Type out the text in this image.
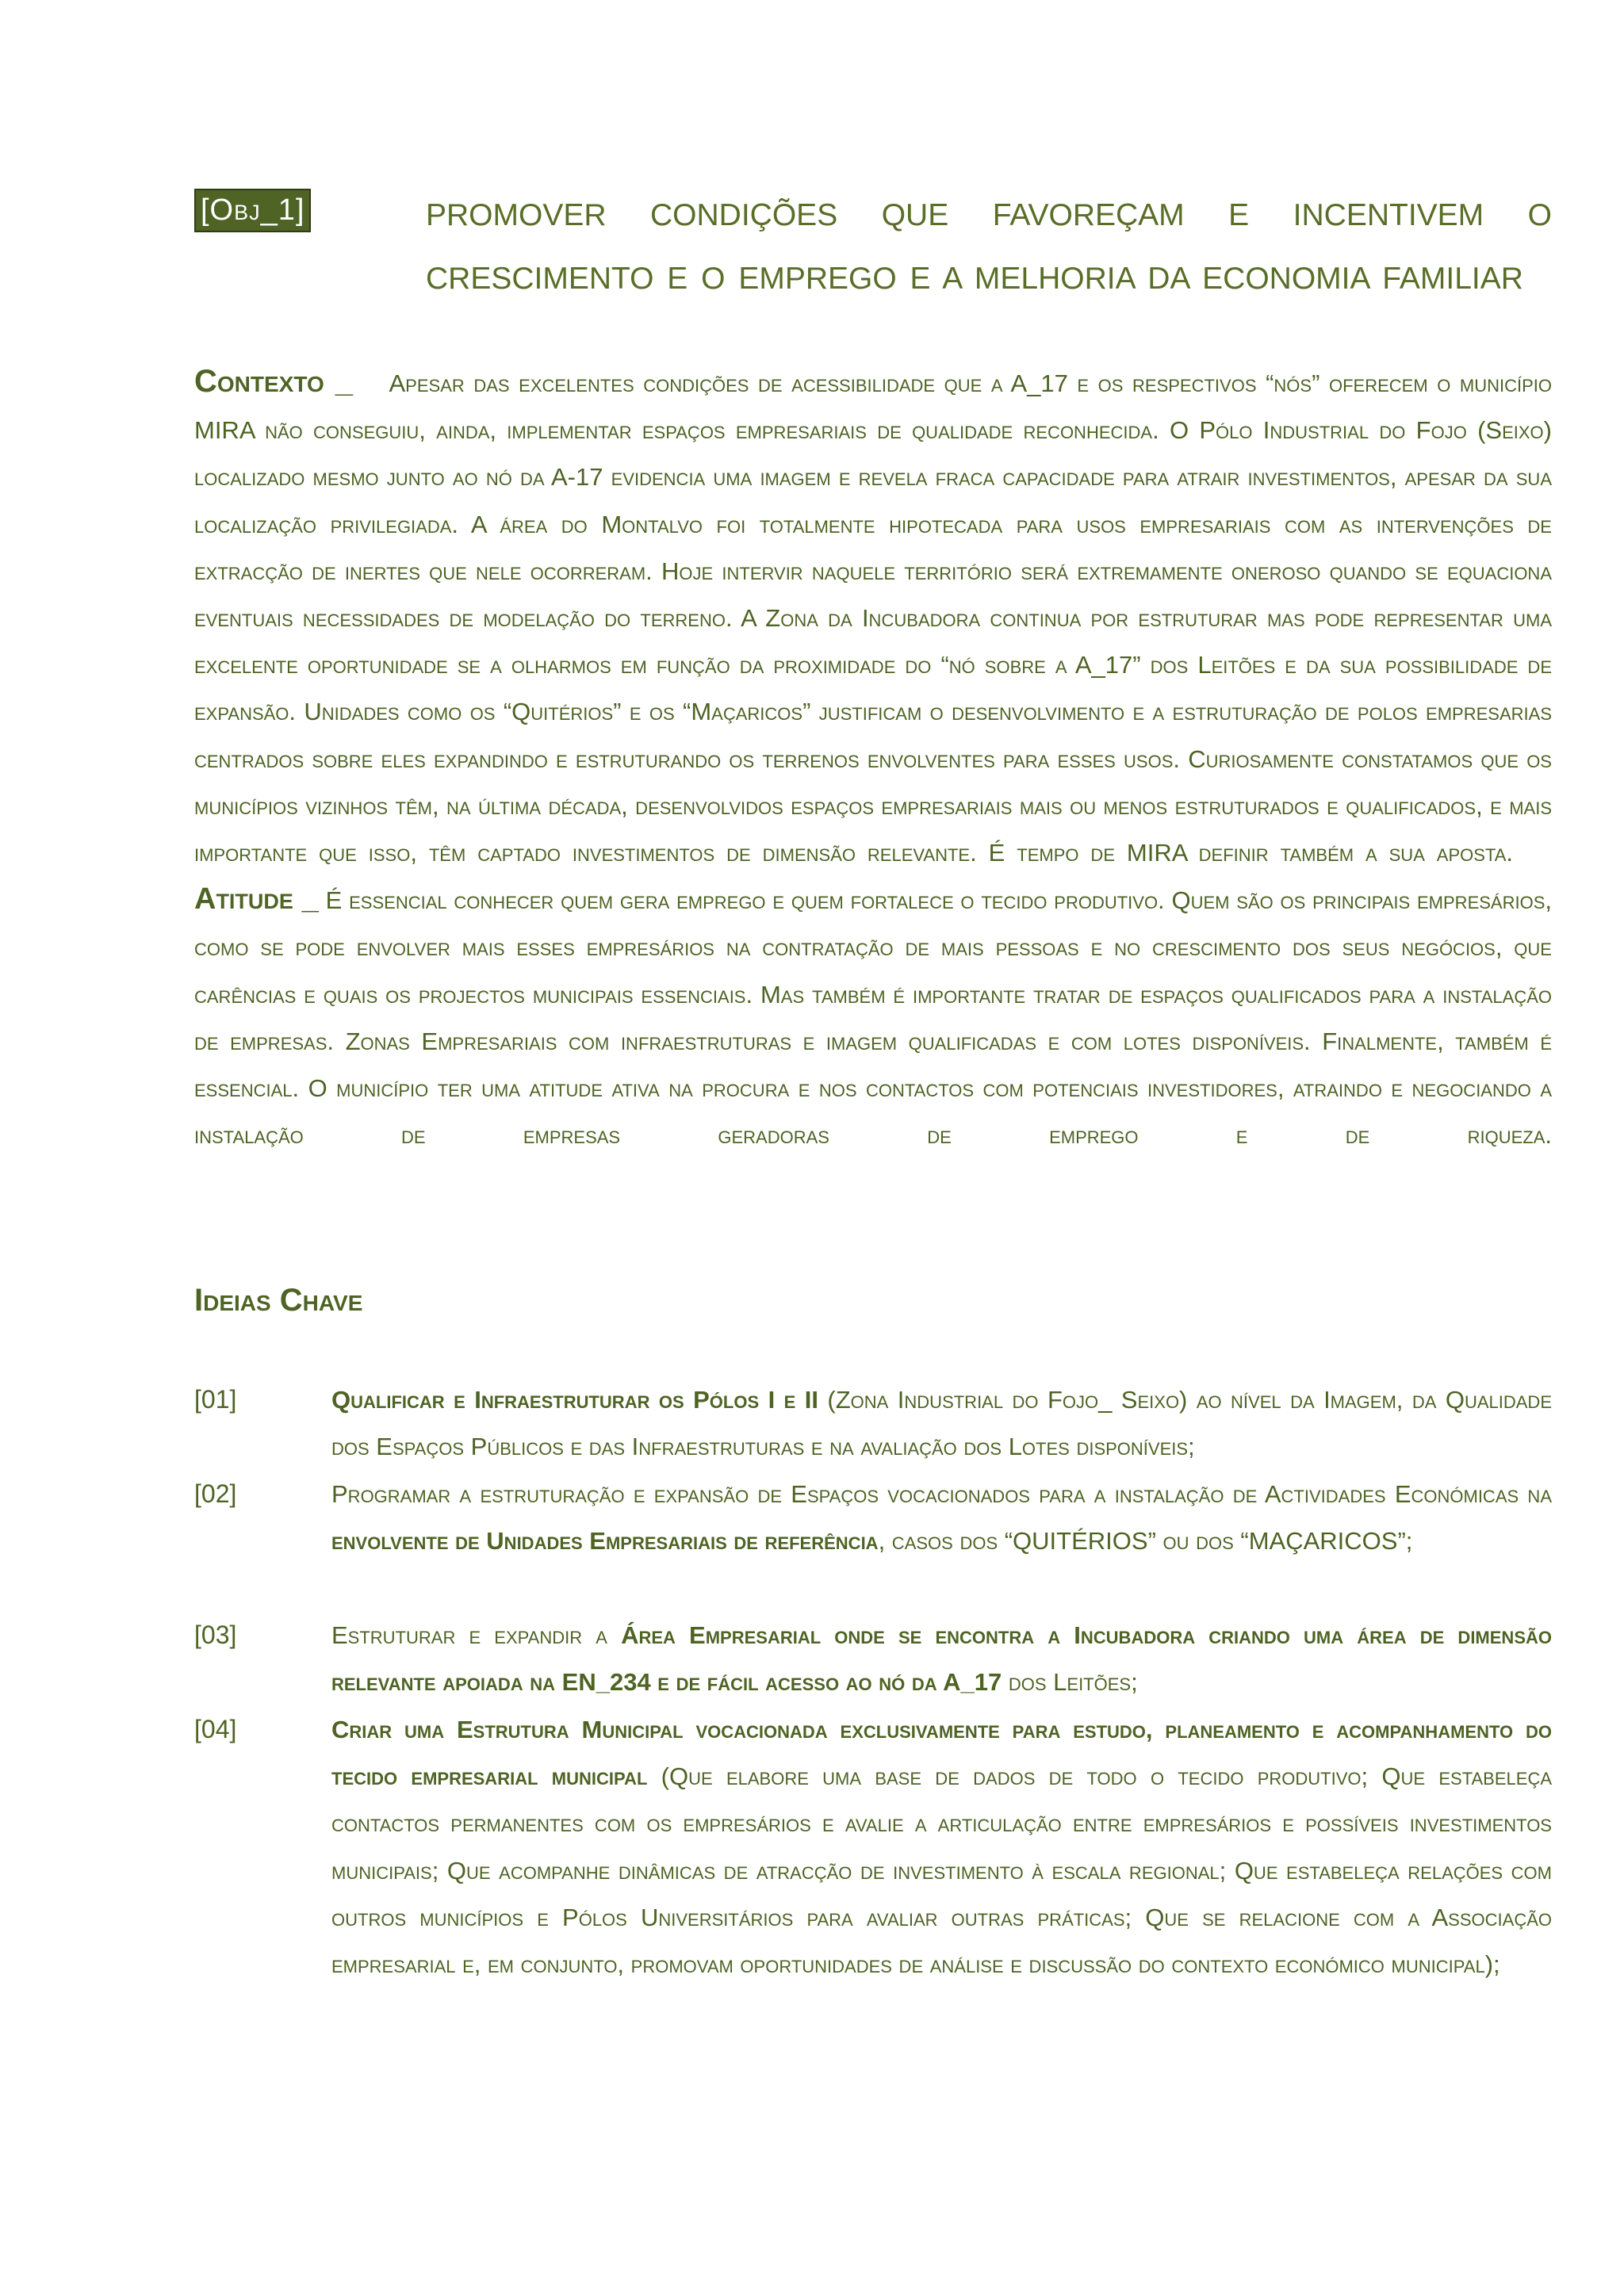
[Obj_1]	PROMOVER CONDIÇÕES QUE FAVOREÇAM E INCENTIVEM O CRESCIMENTO E O EMPREGO E A MELHORIA DA ECONOMIA FAMILIAR

Contexto _ Apesar das excelentes condições de acessibilidade que a A_17 e os respectivos “nós” oferecem o município MIRA não conseguiu, ainda, implementar espaços empresariais de qualidade reconhecida. O Pólo Industrial do Fojo (Seixo) localizado mesmo junto ao nó da A-17 evidencia uma imagem e revela fraca capacidade para atrair investimentos, apesar da sua localização privilegiada. A área do Montalvo foi totalmente hipotecada para usos empresariais com as intervenções de extracção de inertes que nele ocorreram. Hoje intervir naquele território será extremamente oneroso quando se equaciona eventuais necessidades de modelação do terreno. A Zona da Incubadora continua por estruturar mas pode representar uma excelente oportunidade se a olharmos em função da proximidade do “nó sobre a A_17” dos Leitões e da sua possibilidade de expansão. Unidades como os “Quitérios” e os “Maçaricos” justificam o desenvolvimento e a estruturação de polos empresarias centrados sobre eles expandindo e estruturando os terrenos envolventes para esses usos. Curiosamente constatamos que os municípios vizinhos têm, na última década, desenvolvidos espaços empresariais mais ou menos estruturados e qualificados, e mais importante que isso, têm captado investimentos de dimensão relevante. É tempo de MIRA definir também a sua aposta.  Atitude _ É essencial conhecer quem gera emprego e quem fortalece o tecido produtivo. Quem são os principais empresários, como se pode envolver mais esses empresários na contratação de mais pessoas e no crescimento dos seus negócios, que carências e quais os projectos municipais essenciais. Mas também é importante tratar de espaços qualificados para a instalação de empresas. Zonas Empresariais com infraestruturas e imagem qualificadas e com lotes disponíveis. Finalmente, também é essencial. O município ter uma atitude ativa na procura e nos contactos com potenciais investidores, atraindo e negociando a instalação de empresas geradoras de emprego e de riqueza.

Ideias Chave
[01]	Qualificar e Infraestruturar os Pólos I e II (Zona Industrial do Fojo_ Seixo) ao nível da Imagem, da Qualidade dos Espaços Públicos e das Infraestruturas e na avaliação dos Lotes disponíveis;

[02]	Programar a estruturação e expansão de Espaços vocacionados para a instalação de Actividades Económicas na envolvente de Unidades Empresariais de referência, casos dos “QUITÉRIOS” ou dos “MAÇARICOS”;

[03]	Estruturar e expandir a Área Empresarial onde se encontra a Incubadora criando uma área de dimensão relevante apoiada na EN_234 e de fácil acesso ao nó da A_17 dos Leitões;

[04]	Criar uma Estrutura Municipal vocacionada exclusivamente para estudo, planeamento e acompanhamento do tecido empresarial municipal (Que elabore uma base de dados de todo o tecido produtivo; Que estabeleça contactos permanentes com os empresários e avalie a articulação entre empresários e possíveis investimentos municipais; Que acompanhe dinâmicas de atracção de investimento à escala regional; Que estabeleça relações com outros municípios e Pólos Universitários para avaliar outras práticas; Que se relacione com a Associação empresarial e, em conjunto, promovam oportunidades de análise e discussão do contexto económico municipal);
